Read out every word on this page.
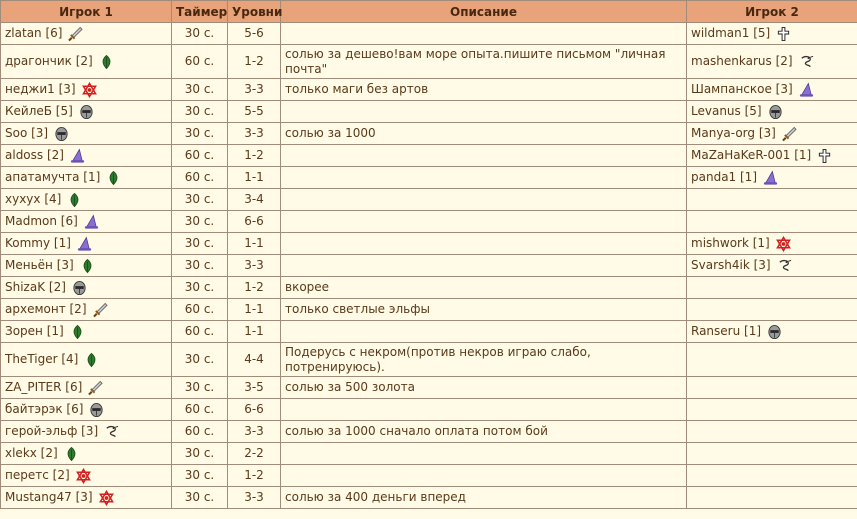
Игрок 1	Таймер	Уровни	Описание	Игрок 2

zlatan [6]	30 с.	5-6		wildman1 [5]

драгончик [2]	60 с.	1-2	солью за дешево!вам море опыта.пишите письмом "личная почта"	mashenkarus [2]

неджи1 [3]	30 с.	3-3	только маги без артов	Шампанское [3]

КейлеБ [5]	30 с.	5-5		Levanus [5]

Soo [3]	30 с.	3-3	солью за 1000	Manya-org [3]

aldoss [2]	60 с.	1-2		MaZaHaKeR-001 [1]

апатамучта [1]	60 с.	1-1		panda1 [1]

хухух [4]	30 с.	3-4		

Madmon [6]	30 с.	6-6		

Kommy [1]	30 с.	1-1		mishwork [1]

Меньён [3]	30 с.	3-3		Svarsh4ik [3]

ShizaK [2]	30 с.	1-2	вкорее	

архемонт [2]	60 с.	1-1	только светлые эльфы	

Зорен [1]	60 с.	1-1		Ranseru [1]

TheTiger [4]	30 с.	4-4	Подерусь с некром(против некров играю слабо, потренируюсь).	

ZA_PITER [6]	30 с.	3-5	солью за 500 золота	

байтэрэк [6]	60 с.	6-6		

герой-эльф [3]	60 с.	3-3	солью за 1000 сначало оплата потом бой	

xlekx [2]	30 с.	2-2		

перетс [2]	30 с.	1-2		

Mustang47 [3]	30 с.	3-3	солью за 400 деньги вперед	
